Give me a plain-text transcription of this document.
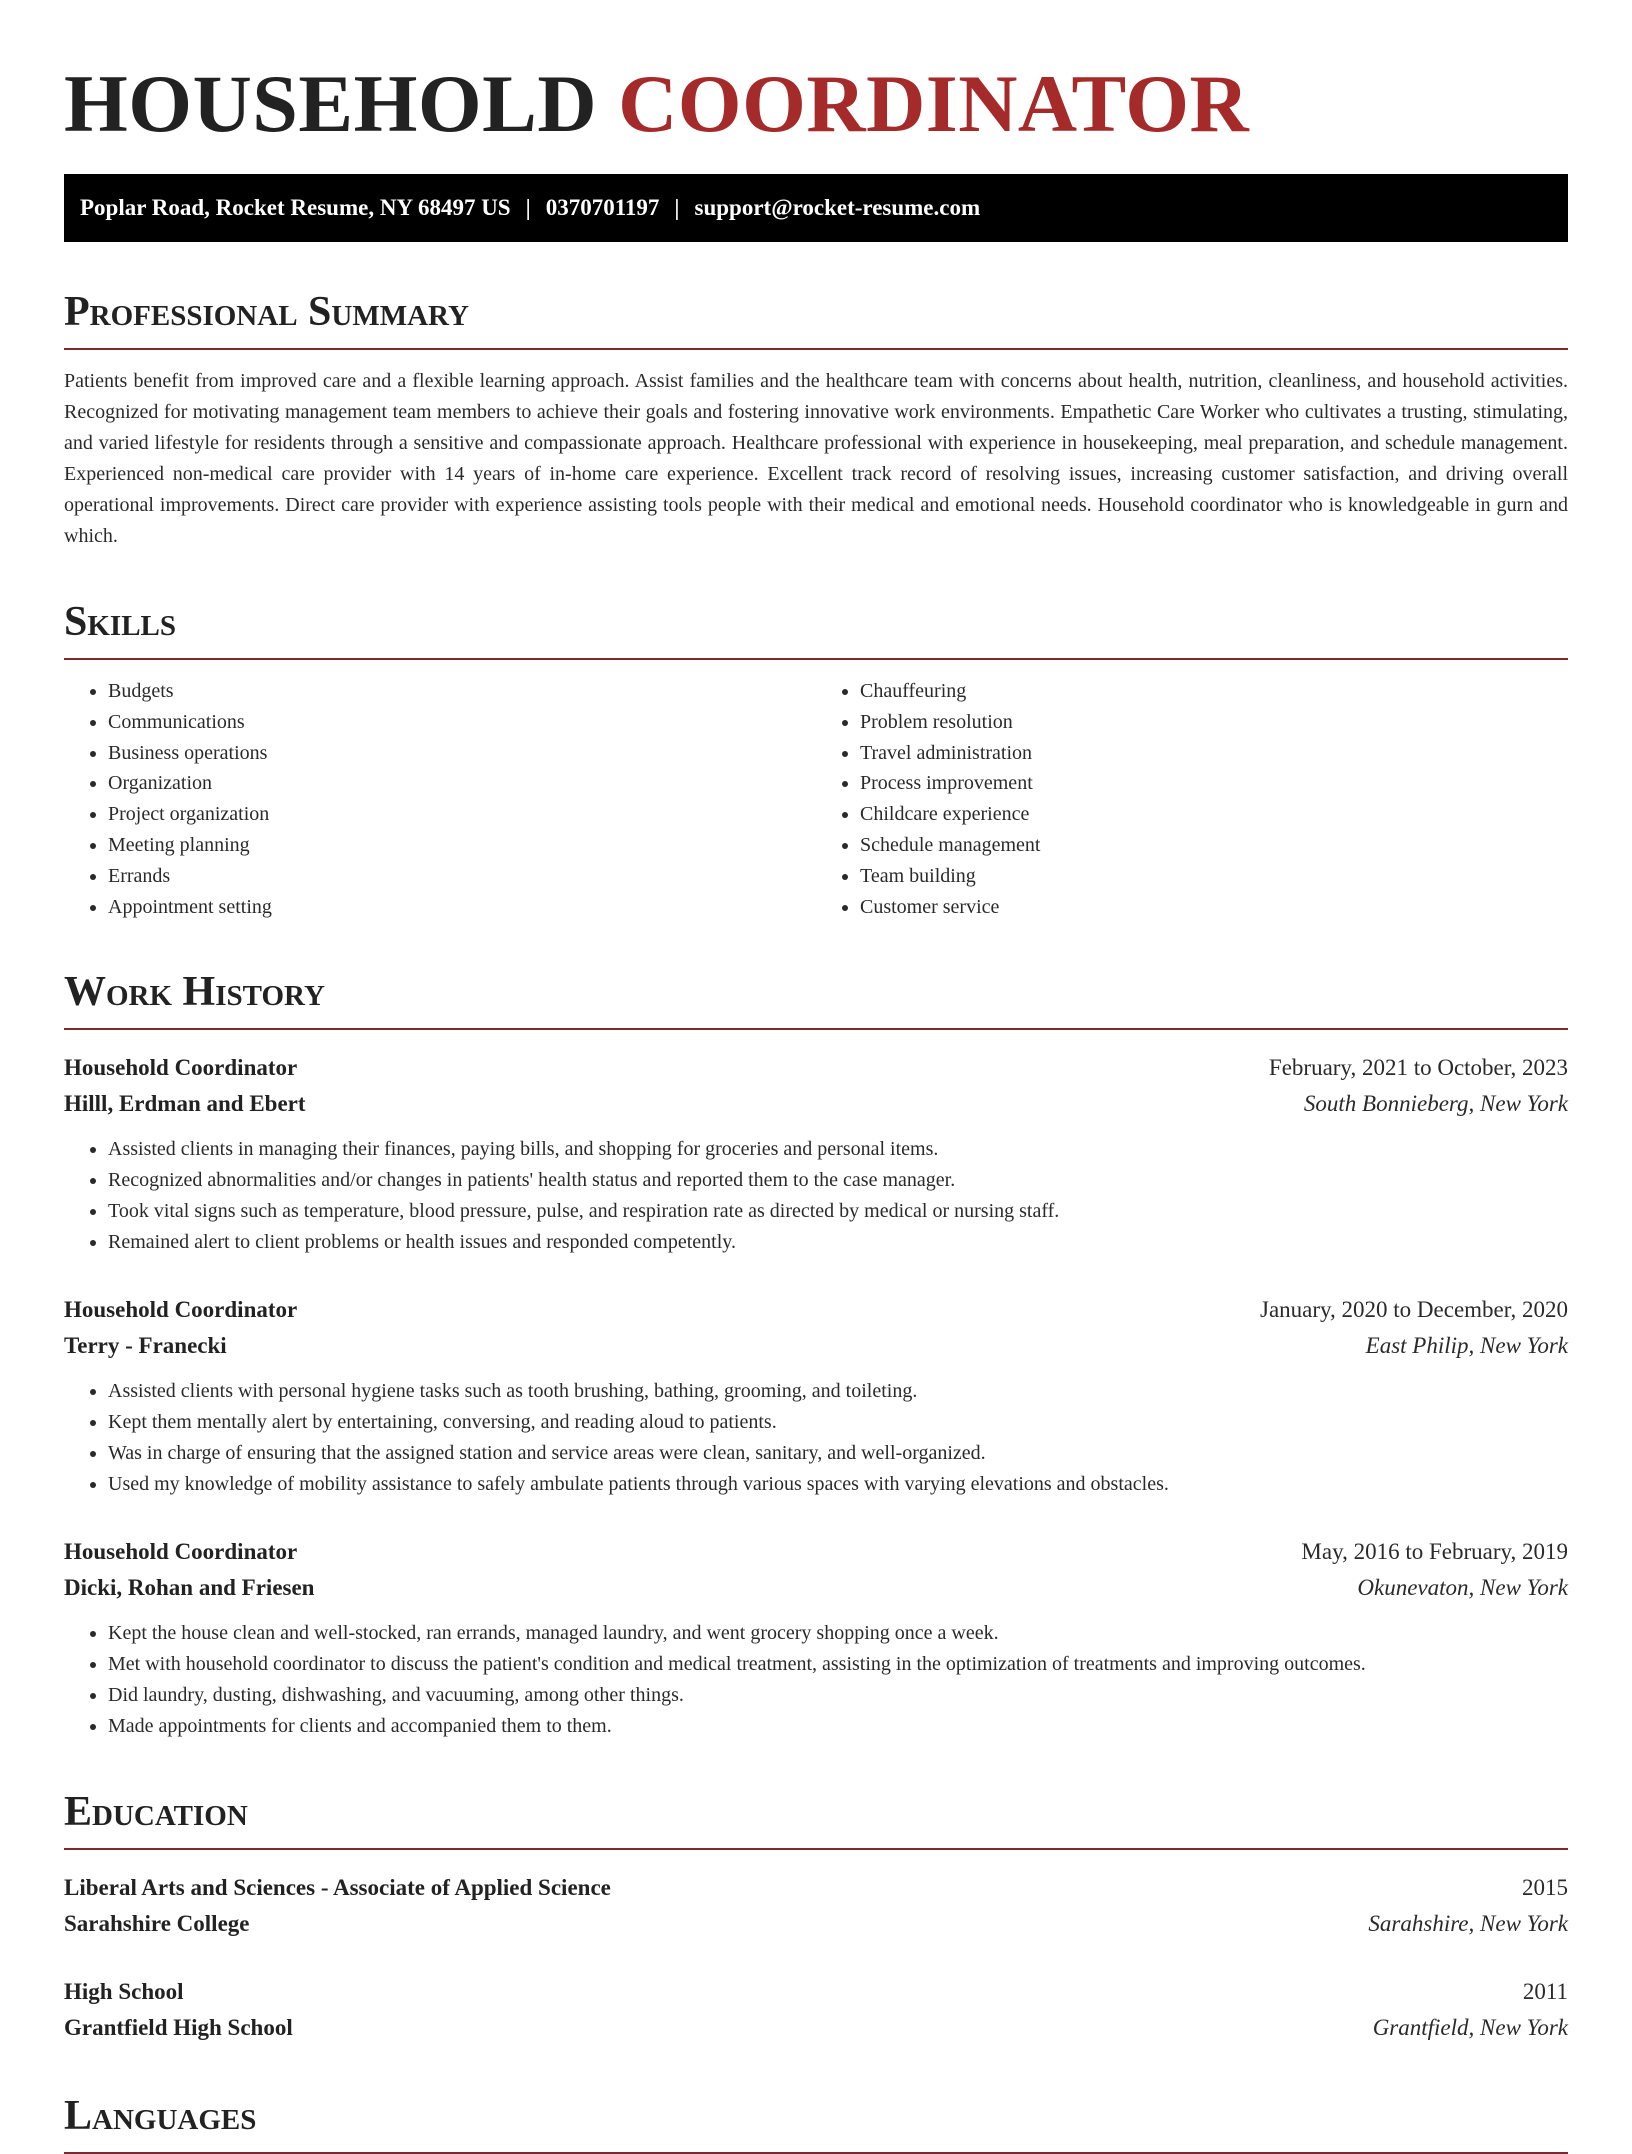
HOUSEHOLD COORDINATOR
Poplar Road, Rocket Resume, NY 68497 US | 0370701197 | support@rocket-resume.com
Professional Summary

Patients benefit from improved care and a flexible learning approach. Assist families and the healthcare team with concerns about health, nutrition, cleanliness, and household activities. Recognized for motivating management team members to achieve their goals and fostering innovative work environments. Empathetic Care Worker who cultivates a trusting, stimulating, and varied lifestyle for residents through a sensitive and compassionate approach. Healthcare professional with experience in housekeeping, meal preparation, and schedule management. Experienced non-medical care provider with 14 years of in-home care experience. Excellent track record of resolving issues, increasing customer satisfaction, and driving overall operational improvements. Direct care provider with experience assisting tools people with their medical and emotional needs. Household coordinator who is knowledgeable in gurn and which.

Skills
• Budgets
• Communications
• Business operations
• Organization
• Project organization
• Meeting planning
• Errands
• Appointment setting
• Chauffeuring
• Problem resolution
• Travel administration
• Process improvement
• Childcare experience
• Schedule management
• Team building
• Customer service
Work History
Household Coordinator	February, 2021 to October, 2023
Hilll, Erdman and Ebert	South Bonnieberg, New York
• Assisted clients in managing their finances, paying bills, and shopping for groceries and personal items.
• Recognized abnormalities and/or changes in patients' health status and reported them to the case manager.
• Took vital signs such as temperature, blood pressure, pulse, and respiration rate as directed by medical or nursing staff.
• Remained alert to client problems or health issues and responded competently.
Household Coordinator	January, 2020 to December, 2020
Terry - Franecki	East Philip, New York
• Assisted clients with personal hygiene tasks such as tooth brushing, bathing, grooming, and toileting.
• Kept them mentally alert by entertaining, conversing, and reading aloud to patients.
• Was in charge of ensuring that the assigned station and service areas were clean, sanitary, and well-organized.
• Used my knowledge of mobility assistance to safely ambulate patients through various spaces with varying elevations and obstacles.
Household Coordinator	May, 2016 to February, 2019
Dicki, Rohan and Friesen	Okunevaton, New York
• Kept the house clean and well-stocked, ran errands, managed laundry, and went grocery shopping once a week.
• Met with household coordinator to discuss the patient's condition and medical treatment, assisting in the optimization of treatments and improving outcomes.
• Did laundry, dusting, dishwashing, and vacuuming, among other things.
• Made appointments for clients and accompanied them to them.
Education
Liberal Arts and Sciences - Associate of Applied Science	2015
Sarahshire College	Sarahshire, New York
High School	2011
Grantfield High School	Grantfield, New York
Languages
